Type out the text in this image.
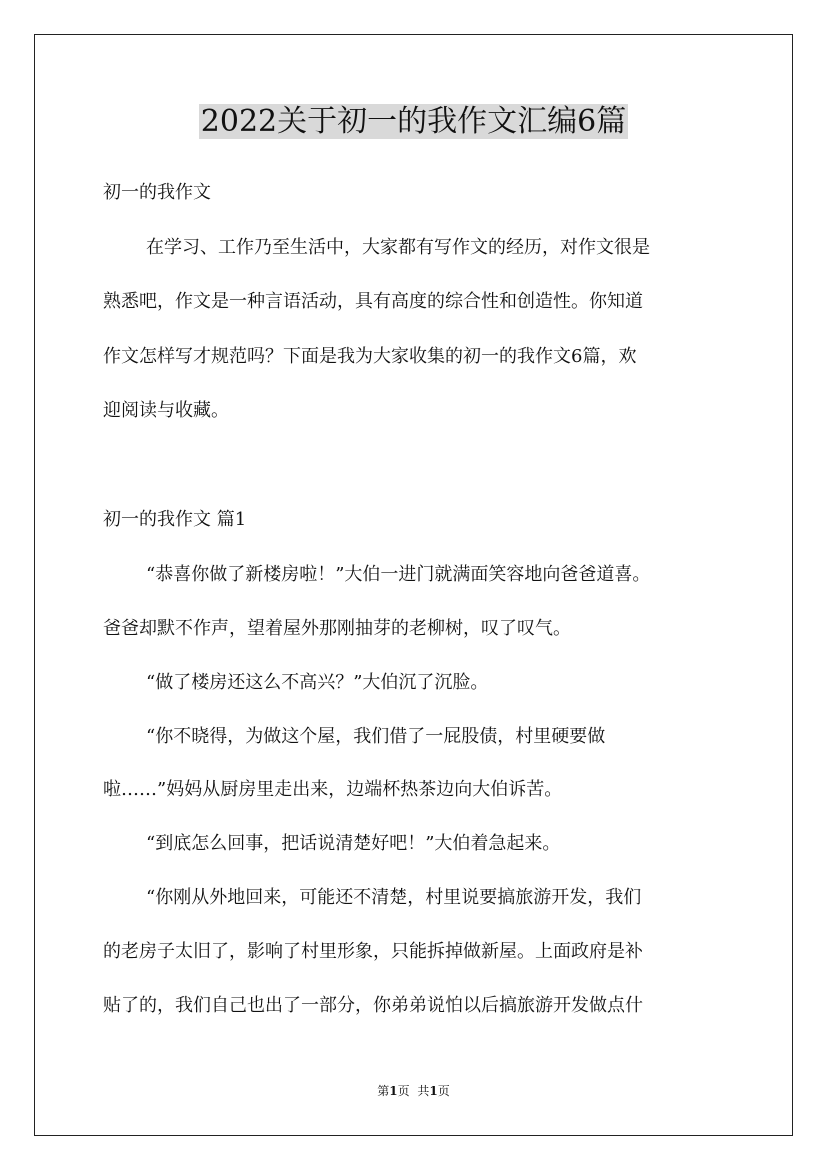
2022关于初一的我作文汇编6篇

初一的我作文

在学习、工作乃至生活中，大家都有写作文的经历，对作文很是

熟悉吧，作文是一种言语活动，具有高度的综合性和创造性。你知道

作文怎样写才规范吗？下面是我为大家收集的初一的我作文6篇，欢

迎阅读与收藏。

初一的我作文 篇1

“恭喜你做了新楼房啦！”大伯一进门就满面笑容地向爸爸道喜。

爸爸却默不作声，望着屋外那刚抽芽的老柳树，叹了叹气。

“做了楼房还这么不高兴？”大伯沉了沉脸。

“你不晓得，为做这个屋，我们借了一屁股债，村里硬要做

啦……”妈妈从厨房里走出来，边端杯热茶边向大伯诉苦。

“到底怎么回事，把话说清楚好吧！”大伯着急起来。

“你刚从外地回来，可能还不清楚，村里说要搞旅游开发，我们

的老房子太旧了，影响了村里形象，只能拆掉做新屋。上面政府是补

贴了的，我们自己也出了一部分，你弟弟说怕以后搞旅游开发做点什

第1页 共1页
